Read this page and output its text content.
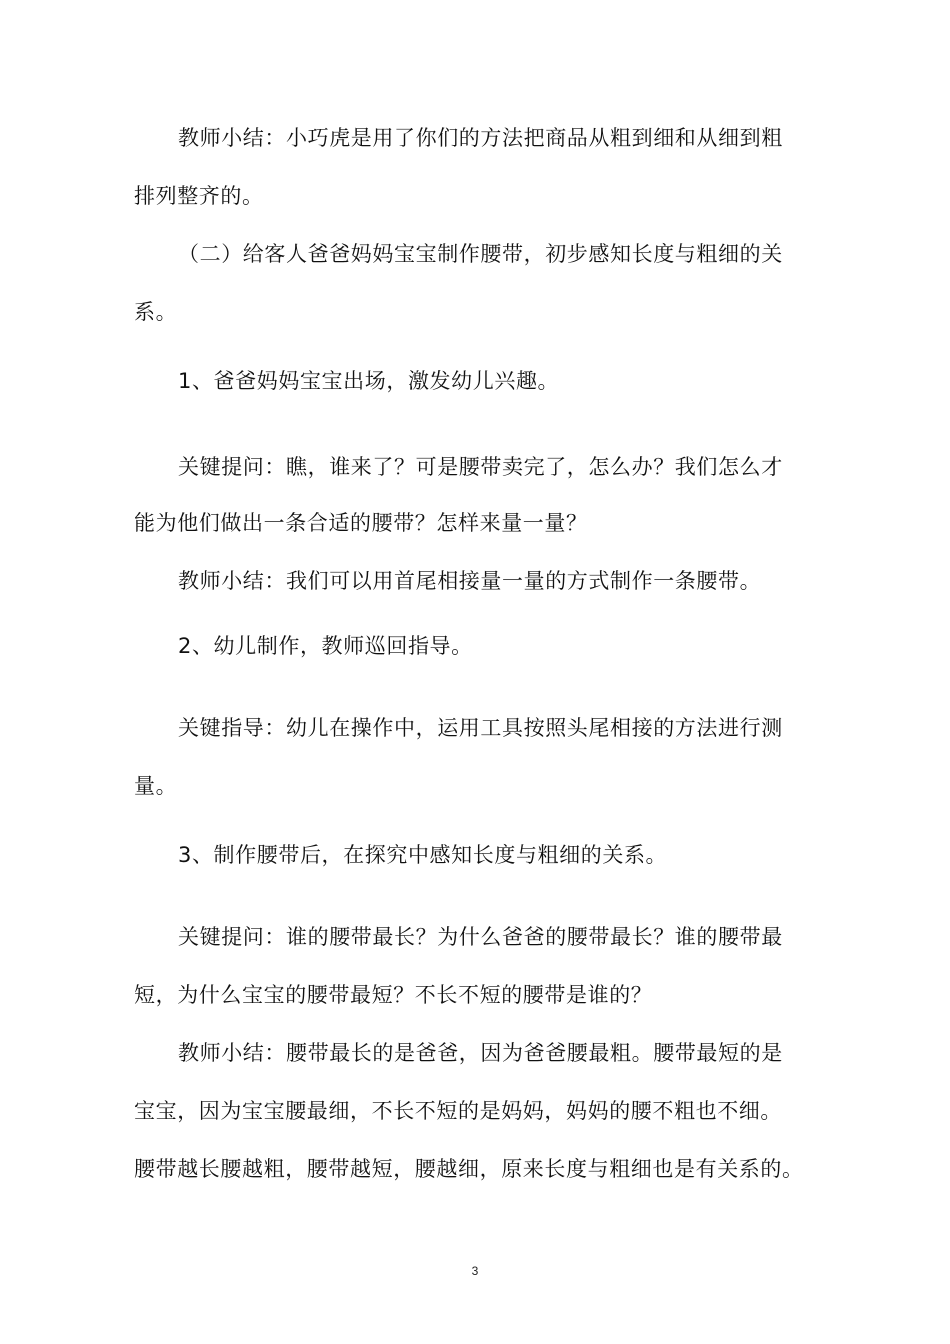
教师小结：小巧虎是用了你们的方法把商品从粗到细和从细到粗
排列整齐的。
（二）给客人爸爸妈妈宝宝制作腰带，初步感知长度与粗细的关
系。
1、爸爸妈妈宝宝出场，激发幼儿兴趣。
关键提问：瞧，谁来了？可是腰带卖完了，怎么办？我们怎么才
能为他们做出一条合适的腰带？怎样来量一量？
教师小结：我们可以用首尾相接量一量的方式制作一条腰带。
2、幼儿制作，教师巡回指导。
关键指导：幼儿在操作中，运用工具按照头尾相接的方法进行测
量。
3、制作腰带后，在探究中感知长度与粗细的关系。
关键提问：谁的腰带最长？为什么爸爸的腰带最长？谁的腰带最
短，为什么宝宝的腰带最短？不长不短的腰带是谁的？
教师小结：腰带最长的是爸爸，因为爸爸腰最粗。腰带最短的是
宝宝，因为宝宝腰最细，不长不短的是妈妈，妈妈的腰不粗也不细。
腰带越长腰越粗，腰带越短，腰越细，原来长度与粗细也是有关系的。
3
